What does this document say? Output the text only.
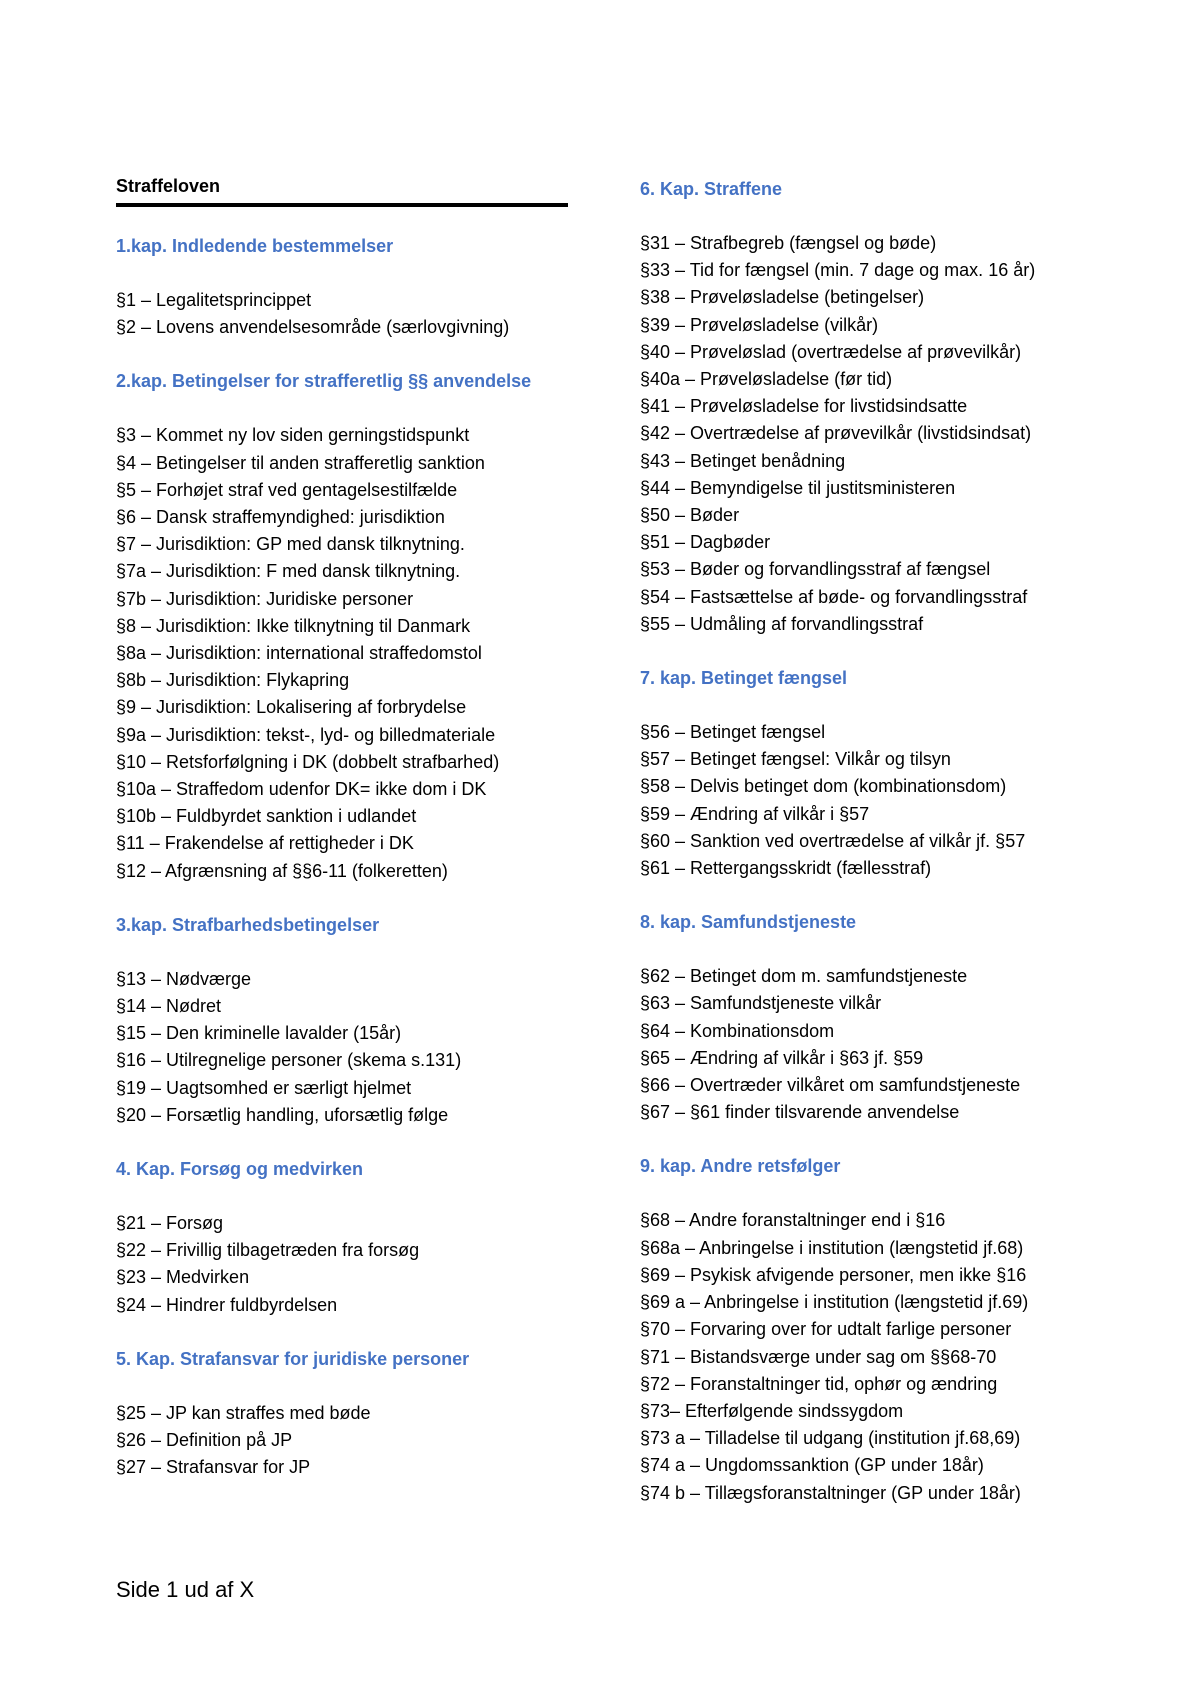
Straffeloven
1.kap. Indledende bestemmelser
§1 – Legalitetsprincippet
§2 – Lovens anvendelsesområde (særlovgivning)
2.kap. Betingelser for strafferetlig §§ anvendelse
§3 – Kommet ny lov siden gerningstidspunkt
§4 – Betingelser til anden strafferetlig sanktion
§5 – Forhøjet straf ved gentagelsestilfælde
§6 – Dansk straffemyndighed: jurisdiktion
§7 – Jurisdiktion: GP med dansk tilknytning.
§7a – Jurisdiktion: F med dansk tilknytning.
§7b – Jurisdiktion: Juridiske personer
§8 – Jurisdiktion: Ikke tilknytning til Danmark
§8a – Jurisdiktion: international straffedomstol
§8b – Jurisdiktion: Flykapring
§9 – Jurisdiktion: Lokalisering af forbrydelse
§9a – Jurisdiktion: tekst-, lyd- og billedmateriale
§10 – Retsforfølgning i DK (dobbelt strafbarhed)
§10a – Straffedom udenfor DK= ikke dom i DK
§10b – Fuldbyrdet sanktion i udlandet
§11 – Frakendelse af rettigheder i DK
§12 – Afgrænsning af §§6-11 (folkeretten)
3.kap. Strafbarhedsbetingelser
§13 – Nødværge
§14 – Nødret
§15 – Den kriminelle lavalder (15år)
§16 – Utilregnelige personer (skema s.131)
§19 – Uagtsomhed er særligt hjelmet
§20 – Forsætlig handling, uforsætlig følge
4. Kap. Forsøg og medvirken
§21 – Forsøg
§22 – Frivillig tilbagetræden fra forsøg
§23 – Medvirken
§24 – Hindrer fuldbyrdelsen
5. Kap. Strafansvar for juridiske personer
§25 – JP kan straffes med bøde
§26 – Definition på JP
§27 – Strafansvar for JP
6. Kap. Straffene
§31 – Strafbegreb (fængsel og bøde)
§33 – Tid for fængsel (min. 7 dage og max. 16 år)
§38 – Prøveløsladelse (betingelser)
§39 – Prøveløsladelse (vilkår)
§40 – Prøveløslad (overtrædelse af prøvevilkår)
§40a – Prøveløsladelse (før tid)
§41 – Prøveløsladelse for livstidsindsatte
§42 – Overtrædelse af prøvevilkår (livstidsindsat)
§43 – Betinget benådning
§44 – Bemyndigelse til justitsministeren
§50 – Bøder
§51 – Dagbøder
§53 – Bøder og forvandlingsstraf af fængsel
§54 – Fastsættelse af bøde- og forvandlingsstraf
§55 – Udmåling af forvandlingsstraf
7. kap. Betinget fængsel
§56 – Betinget fængsel
§57 – Betinget fængsel: Vilkår og tilsyn
§58 – Delvis betinget dom (kombinationsdom)
§59 – Ændring af vilkår i §57
§60 – Sanktion ved overtrædelse af vilkår jf. §57
§61 – Rettergangsskridt (fællesstraf)
8. kap. Samfundstjeneste
§62 – Betinget dom m. samfundstjeneste
§63 – Samfundstjeneste vilkår
§64 – Kombinationsdom
§65 – Ændring af vilkår i §63 jf. §59
§66 – Overtræder vilkåret om samfundstjeneste
§67 – §61 finder tilsvarende anvendelse
9. kap. Andre retsfølger
§68 – Andre foranstaltninger end i §16
§68a – Anbringelse i institution (længstetid jf.68)
§69 – Psykisk afvigende personer, men ikke §16
§69 a – Anbringelse i institution (længstetid jf.69)
§70 – Forvaring over for udtalt farlige personer
§71 – Bistandsværge under sag om §§68-70
§72 – Foranstaltninger tid, ophør og ændring
§73– Efterfølgende sindssygdom
§73 a – Tilladelse til udgang (institution jf.68,69)
§74 a – Ungdomssanktion (GP under 18år)
§74 b – Tillægsforanstaltninger (GP under 18år)
Side 1 ud af X
